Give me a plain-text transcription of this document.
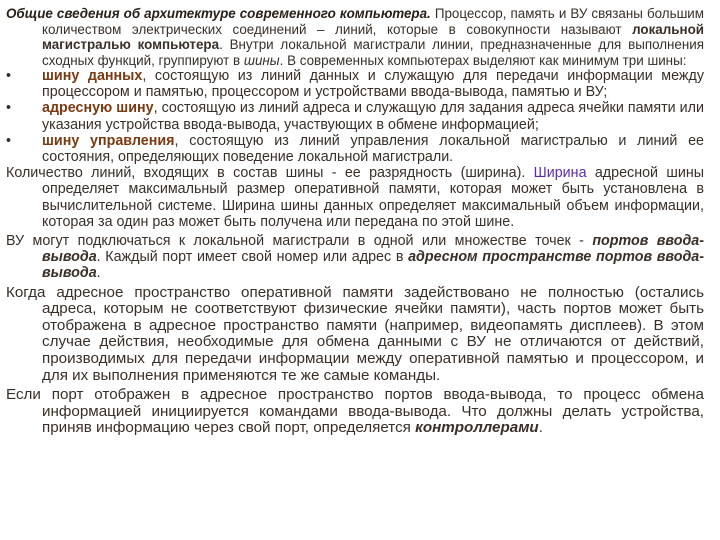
Общие сведения об архитектуре современного компьютера. Процессор, память и ВУ связаны большим количеством электрических соединений – линий, которые в совокупности называют локальной магистралью компьютера. Внутри локальной магистрали линии, предназначенные для выполнения сходных функций, группируют в шины. В современных компьютерах выделяют как минимум три шины:

• шину данных, состоящую из линий данных и служащую для передачи информации между процессором и памятью, процессором и устройствами ввода-вывода, памятью и ВУ;

• адресную шину, состоящую из линий адреса и служащую для задания адреса ячейки памяти или указания устройства ввода-вывода, участвующих в обмене информацией;

• шину управления, состоящую из линий управления локальной магистралью и линий ее состояния, определяющих поведение локальной магистрали.

Количество линий, входящих в состав шины - ее разрядность (ширина). Ширина адресной шины определяет максимальный размер оперативной памяти, которая может быть установлена в вычислительной системе. Ширина шины данных определяет максимальный объем информации, которая за один раз может быть получена или передана по этой шине.

ВУ могут подключаться к локальной магистрали в одной или множестве точек - портов ввода-вывода. Каждый порт имеет свой номер или адрес в адресном пространстве портов ввода-вывода.

Когда адресное пространство оперативной памяти задействовано не полностью (остались адреса, которым не соответствуют физические ячейки памяти), часть портов может быть отображена в адресное пространство памяти (например, видеопамять дисплеев). В этом случае действия, необходимые для обмена данными с ВУ не отличаются от действий, производимых для передачи информации между оперативной памятью и процессором, и для их выполнения применяются те же самые команды.

Если порт отображен в адресное пространство портов ввода-вывода, то процесс обмена информацией инициируется командами ввода-вывода. Что должны делать устройства, приняв информацию через свой порт, определяется контроллерами.
